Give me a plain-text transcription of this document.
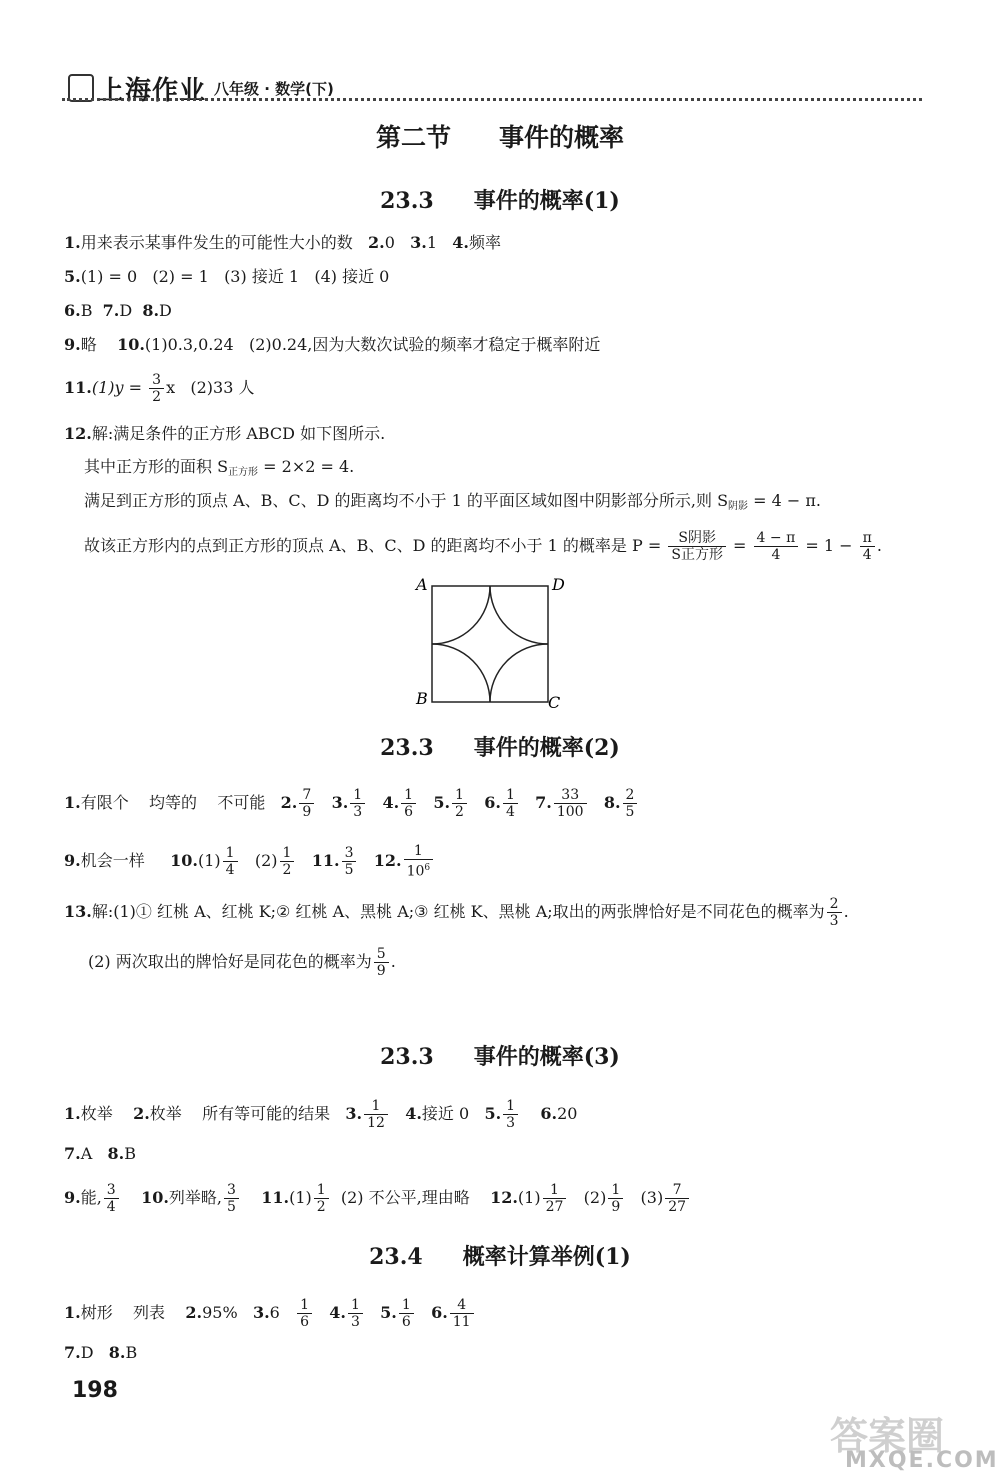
上海作业 八年级 · 数学(下)
第二节 事件的概率
23.3 事件的概率(1)
1.用来表示某事件发生的可能性大小的数 2.0 3.1 4.频率
5.(1) = 0   (2) = 1   (3) 接近 1   (4) 接近 0
6.B 7.D 8.D
9.略 10.(1)0.3,0.24   (2)0.24,因为大数次试验的频率才稳定于概率附近
$11.(1)y = \frac{3}{2}$ x   (2)33 人
12.解:满足条件的正方形 ABCD 如下图所示.
其中正方形的面积 $S_{正方形} = 2\times 2 = 4$.
满足到正方形的顶点 A、B、C、D 的距离均不小于 1 的平面区域如图中阴影部分所示,则 $S_{阴影} = 4 - \pi$.
故该正方形内的点到正方形的顶点 A、B、C、D 的距离均不小于 1 的概率是 $P = \frac{\text{S阴影}}{\text{S正方形}} = \frac{4 - \pi}{4} = 1 - \frac{\pi}{4}$ .
A	D
B	C
23.3 事件的概率(2)
1.有限个    均等的    不可能 2. $\frac{7}{9} 3$. $\frac{1}{3} 4$. $\frac{1}{6} 5$. $\frac{1}{2} 6$. $\frac{1}{4} 7$. $\frac{33}{100} 8$. $\frac{2}{5}$
9.机会一样 $10.(1) \frac{1}{4} (2) \frac{1}{2} 11$. $\frac{3}{5} 12$. $\frac{1}{10^6}$
13.解:(1)① 红桃 A、红桃 K;② 红桃 A、黑桃 A;③ 红桃 K、黑桃 A;取出的两张牌恰好是不同花色的概率为 $\frac{2}{3}$ .
(2) 两次取出的牌恰好是同花色的概率为 $\frac{5}{9}$ .
23.3 事件的概率(3)
1.枚举 2.枚举    所有等可能的结果 3. $\frac{1}{12} 4$.接近 0 5. $\frac{1}{3} 6.20$
7.A 8.B
9.能, $\frac{3}{4} 10$.列举略, $\frac{3}{5} 11.(1) \frac{1}{2} (2)$ 不公平,理由略 $12.(1) \frac{1}{27} (2) \frac{1}{9} (3) \frac{7}{27}$
23.4 概率计算举例(1)
1.树形    列表 2.95% $3.6 \frac{1}{6} 4$. $\frac{1}{3} 5$. $\frac{1}{6} 6$. $\frac{4}{11}$
7.D 8.B
198
答案圈
MXQE.COM
